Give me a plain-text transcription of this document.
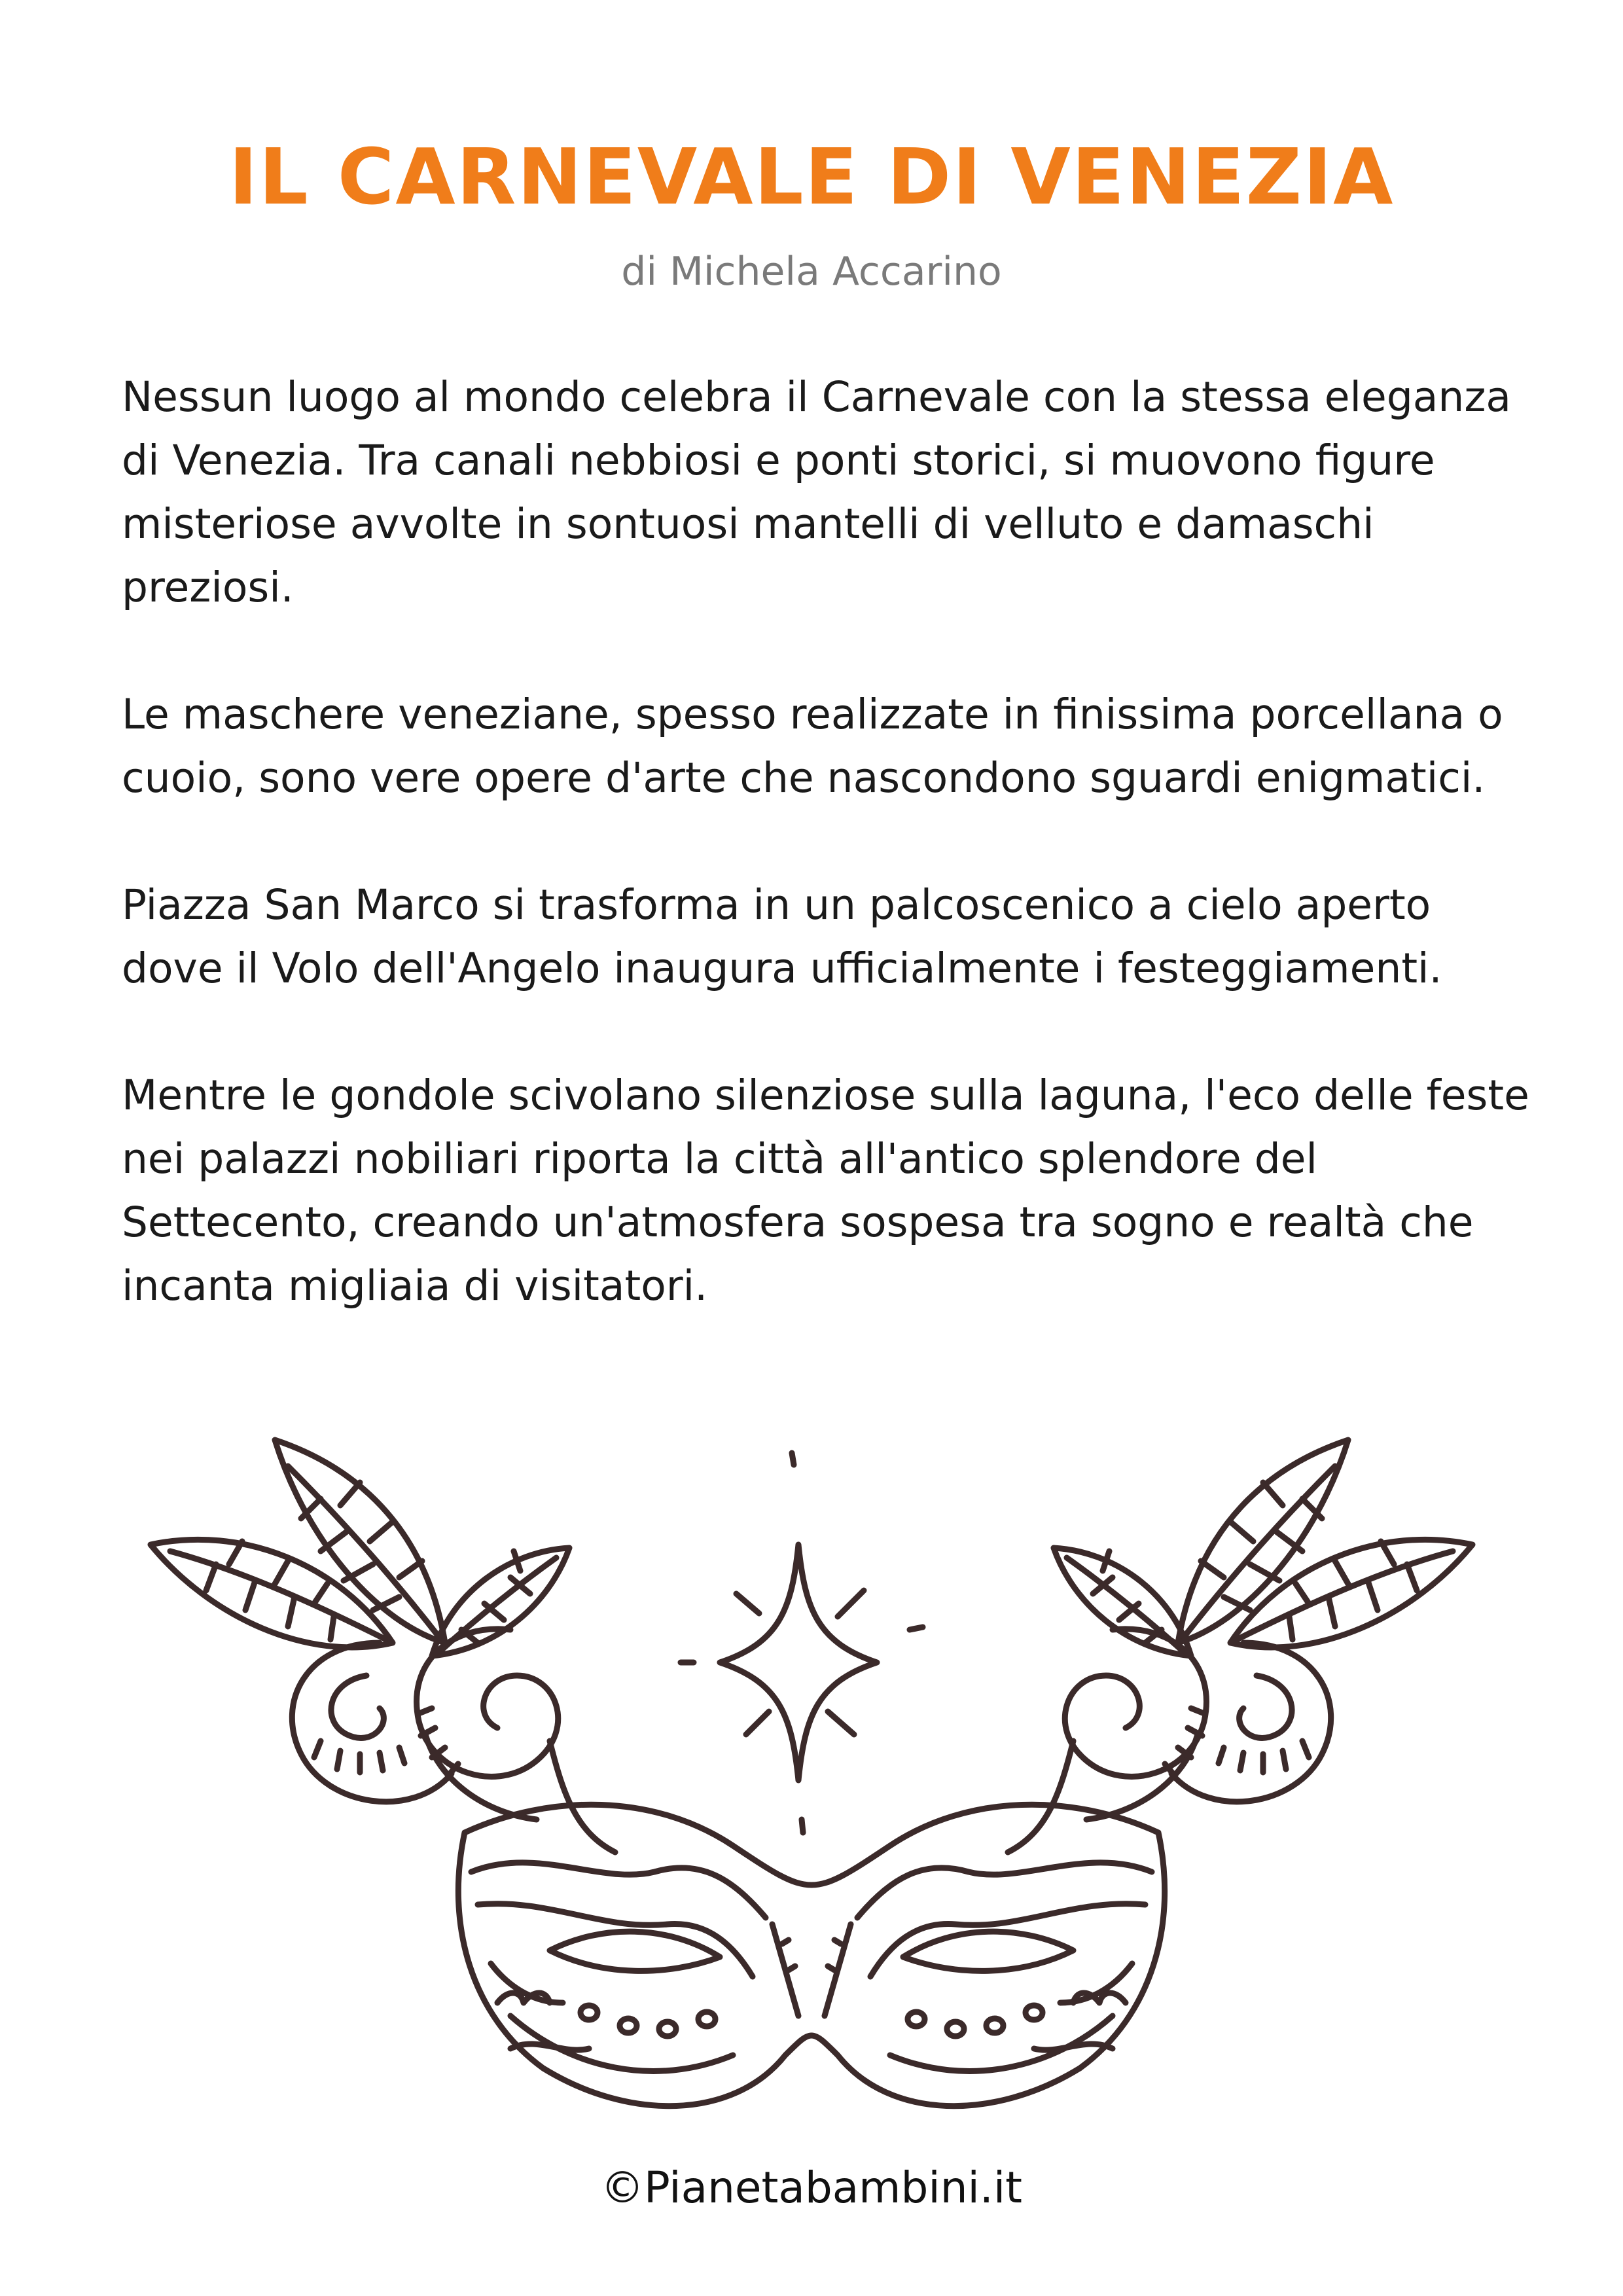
IL CARNEVALE DI VENEZIA
di Michela Accarino

Nessun luogo al mondo celebra il Carnevale con la stessa eleganza di Venezia. Tra canali nebbiosi e ponti storici, si muovono figure misteriose avvolte in sontuosi mantelli di velluto e damaschi preziosi.

Le maschere veneziane, spesso realizzate in finissima porcellana o cuoio, sono vere opere d'arte che nascondono sguardi enigmatici.

Piazza San Marco si trasforma in un palcoscenico a cielo aperto dove il Volo dell'Angelo inaugura ufficialmente i festeggiamenti.

Mentre le gondole scivolano silenziose sulla laguna, l'eco delle feste nei palazzi nobiliari riporta la città all'antico splendore del Settecento, creando un'atmosfera sospesa tra sogno e realtà che incanta migliaia di visitatori.

©Pianetabambini.it
